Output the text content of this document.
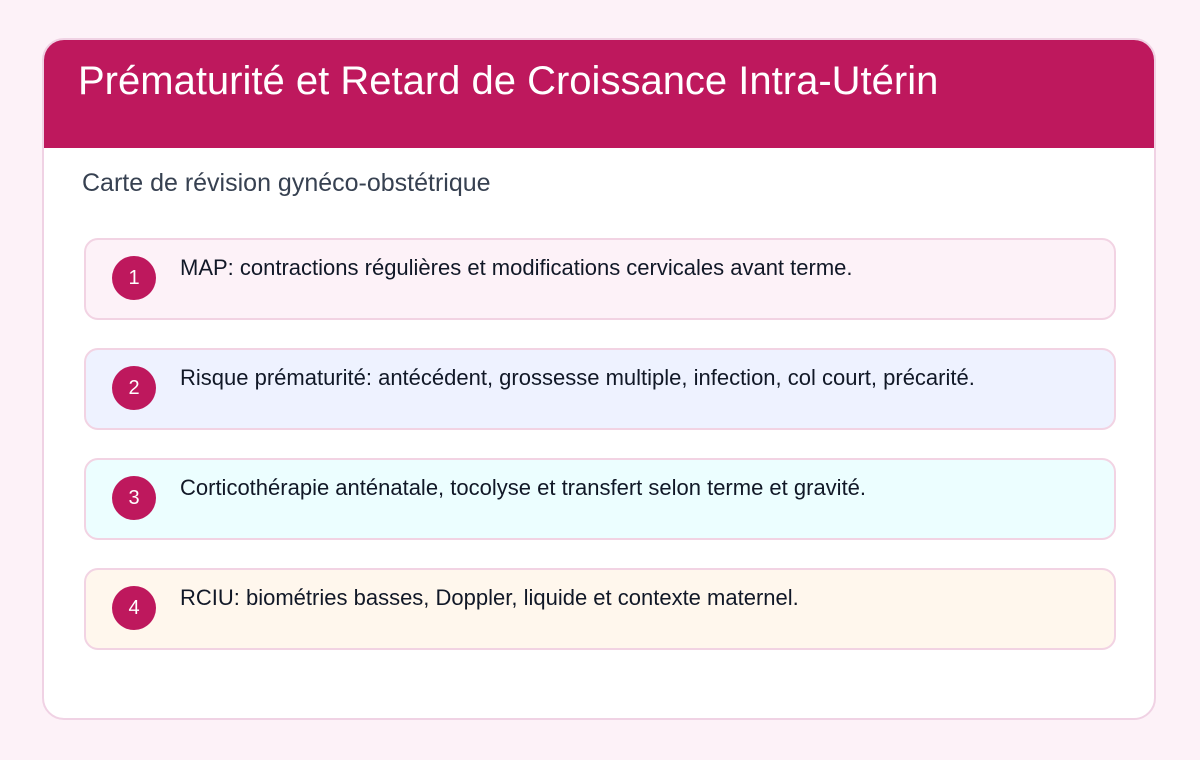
Prématurité et Retard de Croissance Intra-Utérin
Carte de révision gynéco-obstétrique
1	MAP: contractions régulières et modifications cervicales avant terme.
2	Risque prématurité: antécédent, grossesse multiple, infection, col court, précarité.
3	Corticothérapie anténatale, tocolyse et transfert selon terme et gravité.
4	RCIU: biométries basses, Doppler, liquide et contexte maternel.
